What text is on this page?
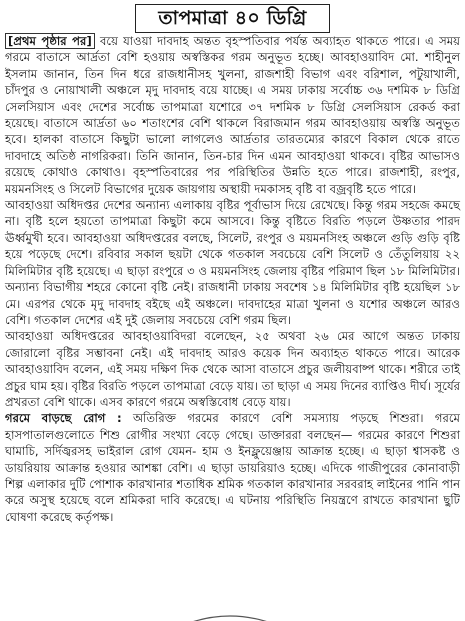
তাপমাত্রা ৪০ ডিগ্রি

[প্রথম পৃষ্ঠার পর] বয়ে যাওয়া দাবদাহ অন্তত বৃহস্পতিবার পর্যন্ত অব্যাহত থাকতে পারে। এ সময় গরমে বাতাসে আর্দ্রতা বেশি হওয়ায় অস্বস্তিকর গরম অনুভূত হচ্ছে। আবহাওয়াবিদ মো. শাহীনুল ইসলাম জানান, তিন দিন ধরে রাজধানীসহ খুলনা, রাজশাহী বিভাগ এবং বরিশাল, পটুয়াখালী, চাঁদপুর ও নোয়াখালী অঞ্চলে মৃদু দাবদাহ বয়ে যাচ্ছে। এ সময় ঢাকায় সর্বোচ্চ ৩৬ দশমিক ৮ ডিগ্রি সেলসিয়াস এবং দেশের সর্বোচ্চ তাপমাত্রা যশোরে ৩৭ দশমিক ৮ ডিগ্রি সেলসিয়াস রেকর্ড করা হয়েছে। বাতাসে আর্দ্রতা ৬০ শতাংশের বেশি থাকলে বিরাজমান গরম আবহাওয়ায় অস্বস্তি অনুভূত হবে। হালকা বাতাসে কিছুটা ভালো লাগলেও আর্দ্রতার তারতম্যের কারণে বিকাল থেকে রাতে দাবদাহে অতিষ্ঠ নাগরিকরা। তিনি জানান, তিন-চার দিন এমন আবহাওয়া থাকবে। বৃষ্টির আভাসও রয়েছে কোথাও কোথাও। বৃহস্পতিবারের পর পরিস্থিতির উন্নতি হতে পারে। রাজশাহী, রংপুর, ময়মনসিংহ ও সিলেট বিভাগের দুয়েক জায়গায় অস্থায়ী দমকাসহ বৃষ্টি বা বজ্রবৃষ্টি হতে পারে।

আবহাওয়া অধিদপ্তর দেশের অন্যান্য এলাকায় বৃষ্টির পূর্বাভাস দিয়ে রেখেছে। কিন্তু গরম সহজে কমছে না। বৃষ্টি হলে হয়তো তাপমাত্রা কিছুটা কমে আসবে। কিন্তু বৃষ্টিতে বিরতি পড়লে উষ্ণতার পারদ ঊর্ধ্বমুখী হবে। আবহাওয়া অধিদপ্তরের বলছে, সিলেট, রংপুর ও ময়মনসিংহ অঞ্চলে গুড়ি গুড়ি বৃষ্টি হয়ে পড়েছে দেশে। রবিবার সকাল ছয়টা থেকে গতকাল সবচেয়ে বেশি সিলেট ও তেঁতুলিয়ায় ২২ মিলিমিটার বৃষ্টি হয়েছে। এ ছাড়া রংপুরে ৩ ও ময়মনসিংহ জেলায় বৃষ্টির পরিমাণ ছিল ১৮ মিলিমিটার। অন্যান্য বিভাগীয় শহরে কোনো বৃষ্টি নেই। রাজধানী ঢাকায় সবশেষ ১৪ মিলিমিটার বৃষ্টি হয়েছিল ১৮ মে। এরপর থেকে মৃদু দাবদাহ বইছে এই অঞ্চলে। দাবদাহের মাত্রা খুলনা ও যশোর অঞ্চলে আরও বেশি। গতকাল দেশের এই দুই জেলায় সবচেয়ে বেশি গরম ছিল।

আবহাওয়া অধিদপ্তরের আবহাওয়াবিদরা বলেছেন, ২৫ অথবা ২৬ মের আগে অন্তত ঢাকায় জোরালো বৃষ্টির সম্ভাবনা নেই। এই দাবদাহ আরও কয়েক দিন অব্যাহত থাকতে পারে। আরেক আবহাওয়াবিদ বলেন, এই সময় দক্ষিণ দিক থেকে আসা বাতাসে প্রচুর জলীয়বাষ্প থাকে। শরীরে তাই প্রচুর ঘাম হয়। বৃষ্টির বিরতি পড়লে তাপমাত্রা বেড়ে যায়। তা ছাড়া এ সময় দিনের ব্যাপ্তিও দীর্ঘ। সূর্যের প্রখরতা বেশি থাকে। এসব কারণে গরমে অস্বস্তিবোধ বেড়ে যায়।

গরমে বাড়ছে রোগ : অতিরিক্ত গরমের কারণে বেশি সমস্যায় পড়ছে শিশুরা। গরমে হাসপাতালগুলোতে শিশু রোগীর সংখ্যা বেড়ে গেছে। ডাক্তাররা বলছেন— গরমের কারণে শিশুরা ঘামাচি, সর্দিজ্বরসহ ভাইরাল রোগ যেমন- হাম ও ইনফ্লুয়েঞ্জায় আক্রান্ত হচ্ছে। এ ছাড়া শ্বাসকষ্ট ও ডায়রিয়ায় আক্রান্ত হওয়ার আশঙ্কা বেশি। এ ছাড়া ডায়রিয়াও হচ্ছে। এদিকে গাজীপুরের কোনাবাড়ী শিল্প এলাকার দুটি পোশাক কারখানার শতাধিক শ্রমিক গতকাল কারখানার সরবরাহ লাইনের পানি পান করে অসুস্থ হয়েছে বলে শ্রমিকরা দাবি করেছে। এ ঘটনায় পরিস্থিতি নিয়ন্ত্রণে রাখতে কারখানা ছুটি ঘোষণা করেছে কর্তৃপক্ষ।
